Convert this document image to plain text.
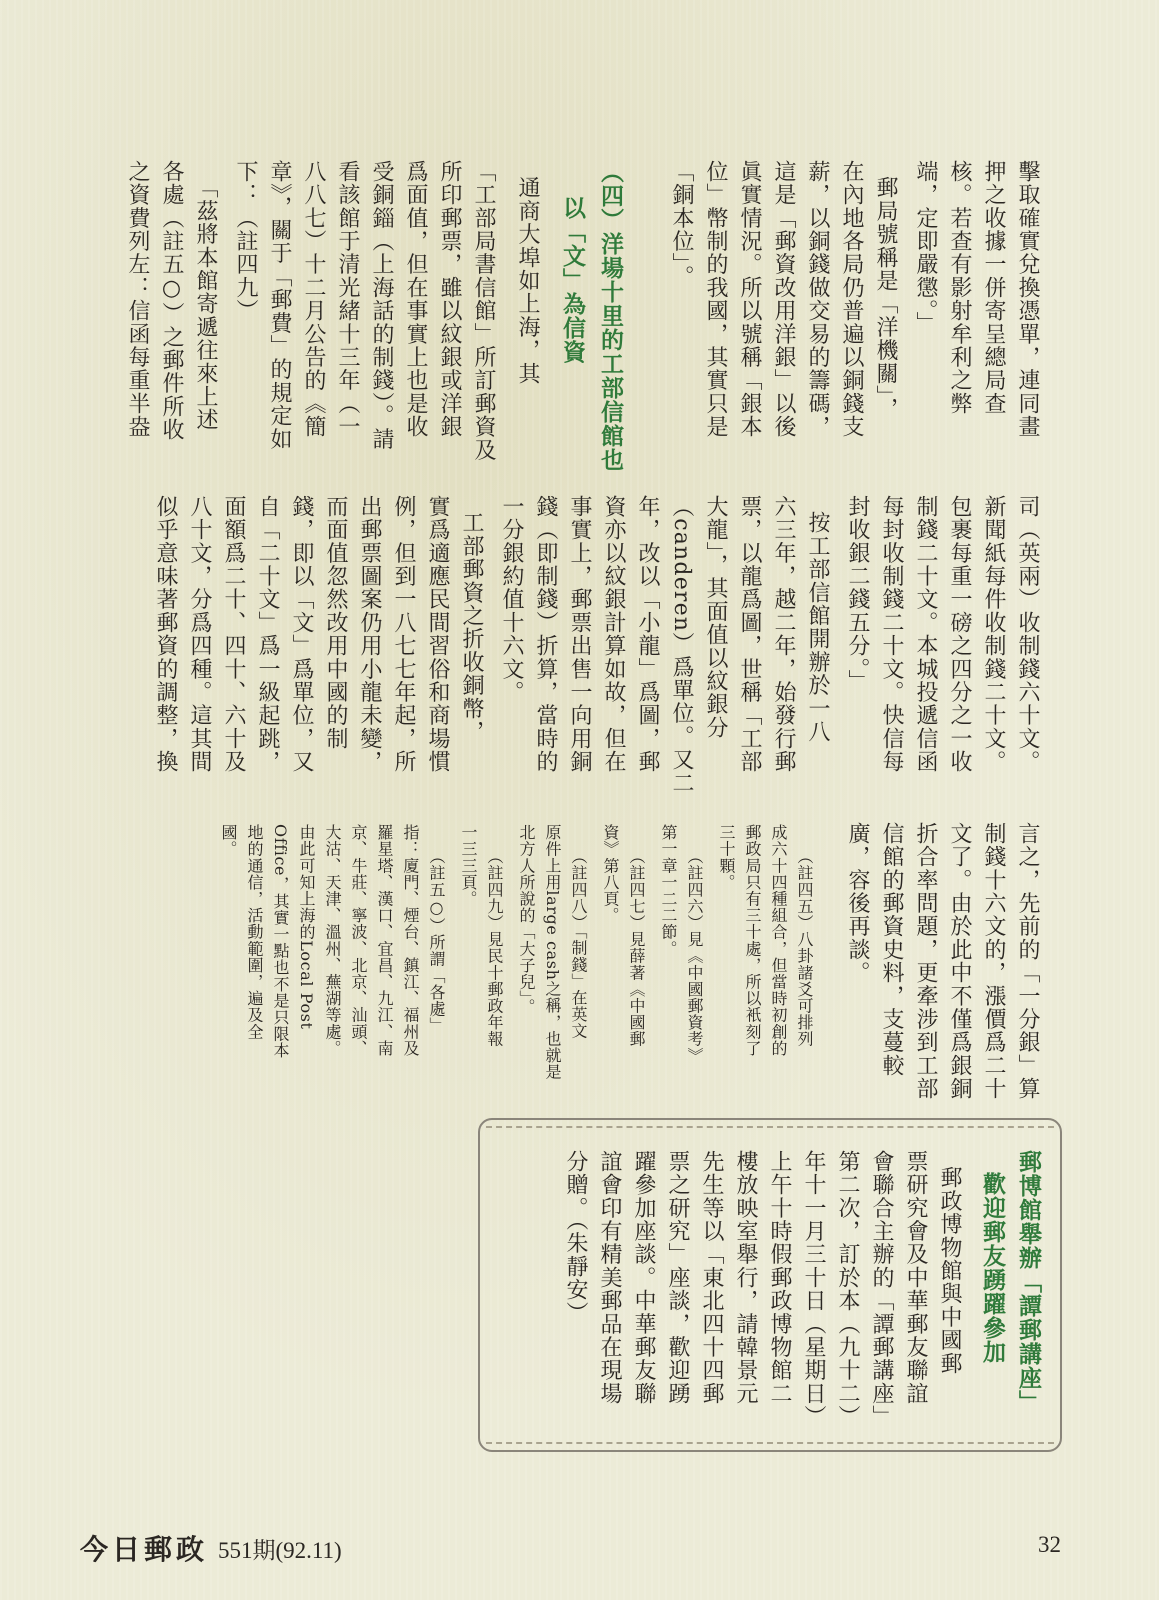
擊取確實兌換憑單，連同畫
押之收據一併寄呈總局查
核。若查有影射牟利之弊
端，定即嚴懲。」
郵局號稱是「洋機關」，
在內地各局仍普遍以銅錢支
薪，以銅錢做交易的籌碼，
這是「郵資改用洋銀」以後
眞實情況。所以號稱「銀本
位」幣制的我國，其實只是
「銅本位」。
（四）洋場十里的工部信館也
以「文」為信資
通商大埠如上海，其
「工部局書信館」所訂郵資及
所印郵票，雖以紋銀或洋銀
爲面值，但在事實上也是收
受銅錙（上海話的制錢）。請
看該館于清光緒十三年（一
八八七）十二月公告的《簡
章》，關于「郵費」的規定如
下：（註四九）
「茲將本館寄遞往來上述
各處（註五○）之郵件所收
之資費列左：信函每重半盎
司（英兩）收制錢六十文。
新聞紙每件收制錢二十文。
包裹每重一磅之四分之一收
制錢二十文。本城投遞信函
每封收制錢二十文。快信每
封收銀二錢五分。」
按工部信館開辦於一八
六三年，越二年，始發行郵
票，以龍爲圖，世稱「工部
大龍」，其面值以紋銀分
（canderen）爲單位。又二
年，改以「小龍」爲圖，郵
資亦以紋銀計算如故，但在
事實上，郵票出售一向用銅
錢（即制錢）折算，當時的
一分銀約值十六文。
工部郵資之折收銅幣，
實爲適應民間習俗和商場慣
例，但到一八七七年起，所
出郵票圖案仍用小龍未變，
而面值忽然改用中國的制
錢，即以「文」爲單位，又
自「二十文」爲一級起跳，
面額爲二十、四十、六十及
八十文，分爲四種。這其間
似乎意味著郵資的調整，換
言之，先前的「一分銀」算
制錢十六文的，漲價爲二十
文了。由於此中不僅爲銀銅
折合率問題，更牽涉到工部
信館的郵資史料，支蔓較
廣，容後再談。
（註四五）八卦諸爻可排列
成六十四種組合，但當時初創的
郵政局只有三十處，所以衹刻了
三十顆。
（註四六）見《中國郵資考》
第一章一二二節。
（註四七）見薛著《中國郵
資》第八頁。
（註四八）「制錢」在英文
原件上用large cash之稱，也就是
北方人所說的「大子兒」。
（註四九）見民十郵政年報
一三三頁。
（註五○）所謂「各處」
指：廈門、煙台、鎮江、福州及
羅星塔、漢口、宜昌、九江、南
京、牛莊、寧波、北京、汕頭、
大沽、天津、溫州、蕪湖等處。
由此可知上海的Local Post
Office，其實一點也不是只限本
地的通信，活動範圍，遍及全
國。
郵博館舉辦「譚郵講座」
歡迎郵友踴躍參加
郵政博物館與中國郵
票研究會及中華郵友聯誼
會聯合主辦的「譚郵講座」
第二次，訂於本（九十二）
年十一月三十日（星期日）
上午十時假郵政博物館二
樓放映室舉行，請韓景元
先生等以「東北四十四郵
票之研究」座談，歡迎踴
躍參加座談。中華郵友聯
誼會印有精美郵品在現場
分贈。（朱靜安）
今日郵政 551期(92.11)	32
